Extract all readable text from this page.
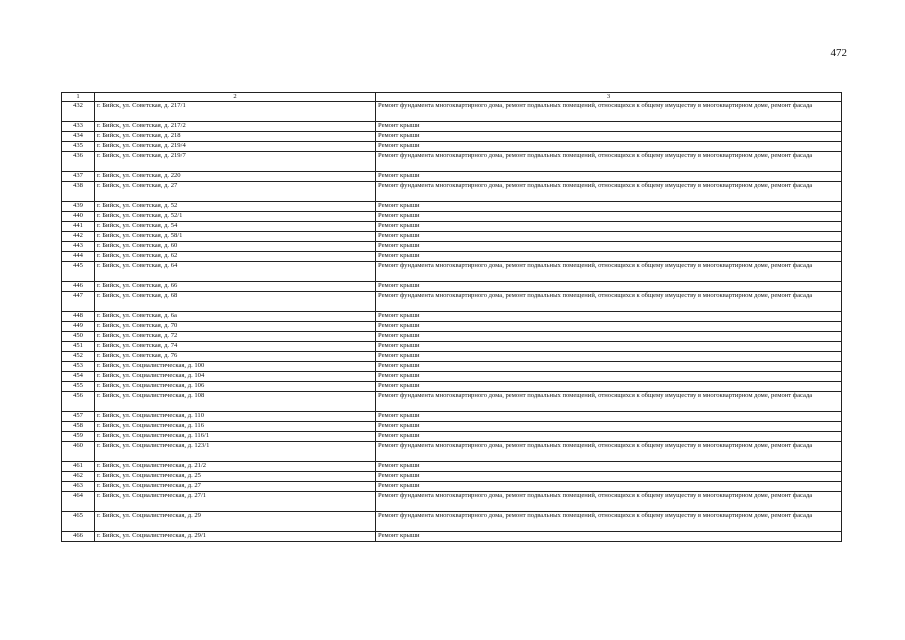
472
1	2	3
432	г. Бийск, ул. Советская, д. 217/1	Ремонт фундамента многоквартирного дома, ремонт подвальных помещений, относящихся к общему имуществу в многоквартирном доме, ремонт фасада
433	г. Бийск, ул. Советская, д. 217/2	Ремонт крыши
434	г. Бийск, ул. Советская, д. 218	Ремонт крыши
435	г. Бийск, ул. Советская, д. 219/4	Ремонт крыши
436	г. Бийск, ул. Советская, д. 219/7	Ремонт фундамента многоквартирного дома, ремонт подвальных помещений, относящихся к общему имуществу в многоквартирном доме, ремонт фасада
437	г. Бийск, ул. Советская, д. 220	Ремонт крыши
438	г. Бийск, ул. Советская, д. 27	Ремонт фундамента многоквартирного дома, ремонт подвальных помещений, относящихся к общему имуществу в многоквартирном доме, ремонт фасада
439	г. Бийск, ул. Советская, д. 52	Ремонт крыши
440	г. Бийск, ул. Советская, д. 52/1	Ремонт крыши
441	г. Бийск, ул. Советская, д. 54	Ремонт крыши
442	г. Бийск, ул. Советская, д. 58/1	Ремонт крыши
443	г. Бийск, ул. Советская, д. 60	Ремонт крыши
444	г. Бийск, ул. Советская, д. 62	Ремонт крыши
445	г. Бийск, ул. Советская, д. 64	Ремонт фундамента многоквартирного дома, ремонт подвальных помещений, относящихся к общему имуществу в многоквартирном доме, ремонт фасада
446	г. Бийск, ул. Советская, д. 66	Ремонт крыши
447	г. Бийск, ул. Советская, д. 68	Ремонт фундамента многоквартирного дома, ремонт подвальных помещений, относящихся к общему имуществу в многоквартирном доме, ремонт фасада
448	г. Бийск, ул. Советская, д. 6а	Ремонт крыши
449	г. Бийск, ул. Советская, д. 70	Ремонт крыши
450	г. Бийск, ул. Советская, д. 72	Ремонт крыши
451	г. Бийск, ул. Советская, д. 74	Ремонт крыши
452	г. Бийск, ул. Советская, д. 76	Ремонт крыши
453	г. Бийск, ул. Социалистическая, д. 100	Ремонт крыши
454	г. Бийск, ул. Социалистическая, д. 104	Ремонт крыши
455	г. Бийск, ул. Социалистическая, д. 106	Ремонт крыши
456	г. Бийск, ул. Социалистическая, д. 108	Ремонт фундамента многоквартирного дома, ремонт подвальных помещений, относящихся к общему имуществу в многоквартирном доме, ремонт фасада
457	г. Бийск, ул. Социалистическая, д. 110	Ремонт крыши
458	г. Бийск, ул. Социалистическая, д. 116	Ремонт крыши
459	г. Бийск, ул. Социалистическая, д. 116/1	Ремонт крыши
460	г. Бийск, ул. Социалистическая, д. 123/1	Ремонт фундамента многоквартирного дома, ремонт подвальных помещений, относящихся к общему имуществу в многоквартирном доме, ремонт фасада
461	г. Бийск, ул. Социалистическая, д. 21/2	Ремонт крыши
462	г. Бийск, ул. Социалистическая, д. 25	Ремонт крыши
463	г. Бийск, ул. Социалистическая, д. 27	Ремонт крыши
464	г. Бийск, ул. Социалистическая, д. 27/1	Ремонт фундамента многоквартирного дома, ремонт подвальных помещений, относящихся к общему имуществу в многоквартирном доме, ремонт фасада
465	г. Бийск, ул. Социалистическая, д. 29	Ремонт фундамента многоквартирного дома, ремонт подвальных помещений, относящихся к общему имуществу в многоквартирном доме, ремонт фасада
466	г. Бийск, ул. Социалистическая, д. 29/1	Ремонт крыши
